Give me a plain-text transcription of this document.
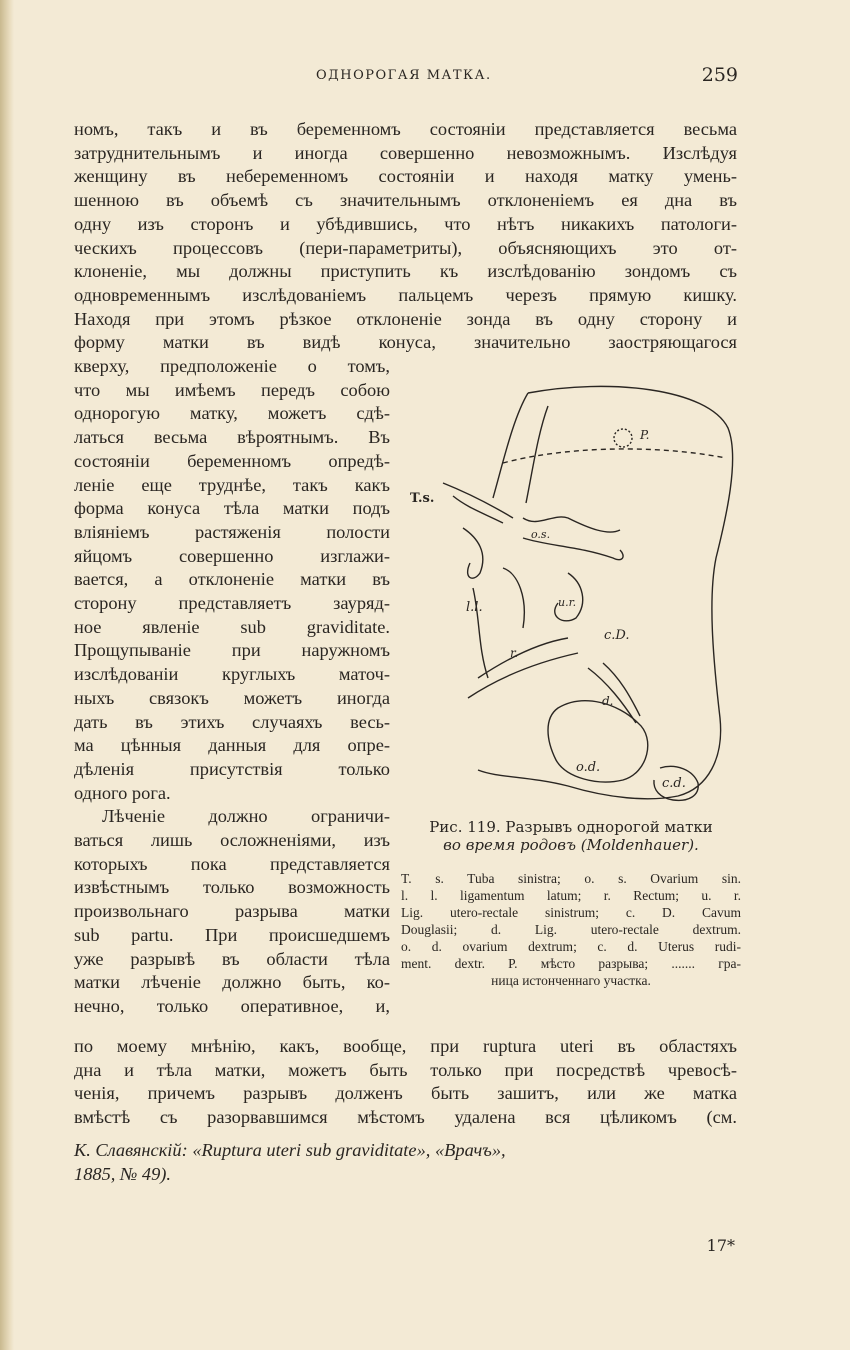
ОДНОРОГАЯ МАТКА.	259
номъ, такъ и въ беременномъ состояніи представляется весьма
затруднительнымъ и иногда совершенно невозможнымъ. Изслѣдуя
женщину въ небеременномъ состояніи и находя матку умень-
шенною въ объемѣ съ значительнымъ отклоненіемъ ея дна въ
одну изъ сторонъ и убѣдившись, что нѣтъ никакихъ патологи-
ческихъ процессовъ (пери-параметриты), объясняющихъ это от-
клоненіе, мы должны приступить къ изслѣдованію зондомъ съ
одновременнымъ изслѣдованіемъ пальцемъ черезъ прямую кишку.
Находя при этомъ рѣзкое отклоненіе зонда въ одну сторону и
форму матки въ видѣ конуса, значительно заостряющагося
кверху, предположеніе о томъ,
что мы имѣемъ передъ собою
однорогую матку, можетъ сдѣ-
латься весьма вѣроятнымъ. Въ
состояніи беременномъ опредѣ-
леніе еще труднѣе, такъ какъ
форма конуса тѣла матки подъ
вліяніемъ растяженія полости
яйцомъ совершенно изглажи-
вается, а отклоненіе матки въ
сторону представляетъ зауряд-
ное явленіе sub gravіditate.
Прощупываніе при наружномъ
изслѣдованіи круглыхъ маточ-
ныхъ связокъ можетъ иногда
дать въ этихъ случаяхъ весь-
ма цѣнныя данныя для опре-
дѣленія присутствія только
одного рога.
Лѣченіе должно ограничи-
ваться лишь осложненіями, изъ
которыхъ пока представляется
извѣстнымъ только возможность
произвольнаго разрыва матки
sub partu. При происшедшемъ
уже разрывѣ въ области тѣла
матки лѣченіе должно быть, ко-
нечно, только оперативное, и,
по моему мнѣнію, какъ, вообще, при ruptura uteri въ областяхъ
дна и тѣла матки, можетъ быть только при посредствѣ чревосѣ-
ченія, причемъ разрывъ долженъ быть зашитъ, или же матка
вмѣстѣ съ разорвавшимся мѣстомъ удалена вся цѣликомъ (см.
К. Славянскій: «Ruptura uteri sub graviditate», «Врачъ»,
1885, № 49).
P.
T.s.
o.s.
l.l.	u.r.
c.D.
r.
d.
o.d.
c.d.
Рис. 119. Разрывъ однорогой матки
во время родовъ (Moldenhauer).
T. s. Tuba sinistra; o. s. Ovarium sin.
l. l. ligamentum latum; r. Rectum; u. r.
Lig. utero-rectale sinistrum; c. D. Cavum
Douglasii; d. Lig. utero-rectale dextrum.
o. d. ovarium dextrum; c. d. Uterus rudi-
ment. dextr. P. мѣсто разрыва; ....... гра-
ница истонченнаго участка.
17*
